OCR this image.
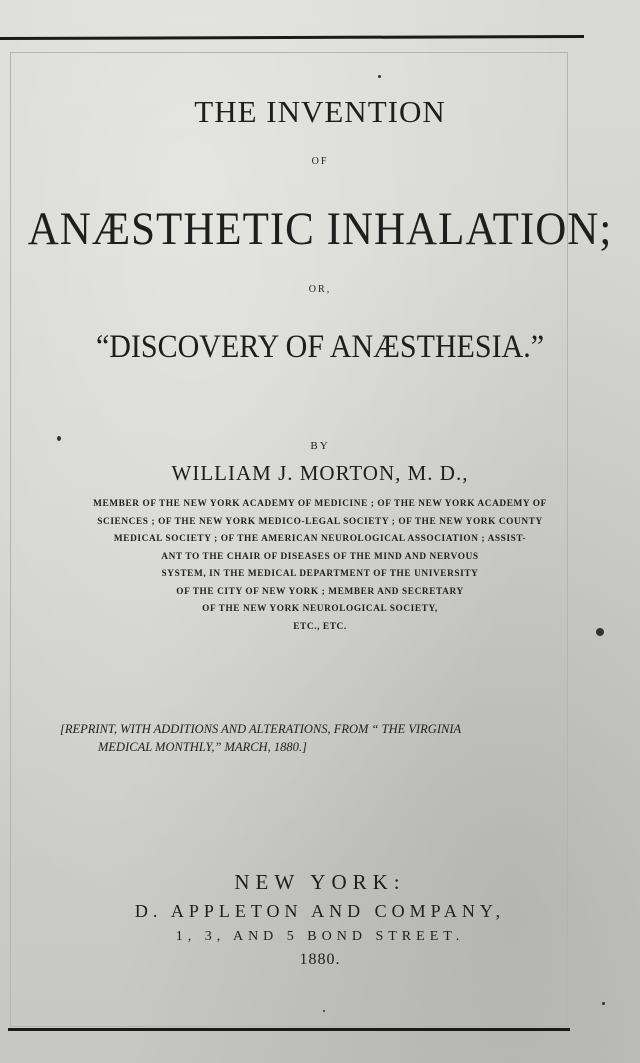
THE INVENTION
OF
ANÆSTHETIC INHALATION;
OR,
“DISCOVERY OF ANÆSTHESIA.”
BY
WILLIAM J. MORTON, M. D.,
MEMBER OF THE NEW YORK ACADEMY OF MEDICINE ; OF THE NEW YORK ACADEMY OF
SCIENCES ; OF THE NEW YORK MEDICO-LEGAL SOCIETY ; OF THE NEW YORK COUNTY
MEDICAL SOCIETY ; OF THE AMERICAN NEUROLOGICAL ASSOCIATION ; ASSIST-
ANT TO THE CHAIR OF DISEASES OF THE MIND AND NERVOUS
SYSTEM, IN THE MEDICAL DEPARTMENT OF THE UNIVERSITY
OF THE CITY OF NEW YORK ; MEMBER AND SECRETARY
OF THE NEW YORK NEUROLOGICAL SOCIETY,
ETC., ETC.
[REPRINT, WITH ADDITIONS AND ALTERATIONS, FROM “ THE VIRGINIA
MEDICAL MONTHLY,” MARCH, 1880.]
NEW YORK:
D. APPLETON AND COMPANY,
1, 3, AND 5 BOND STREET.
1880.
